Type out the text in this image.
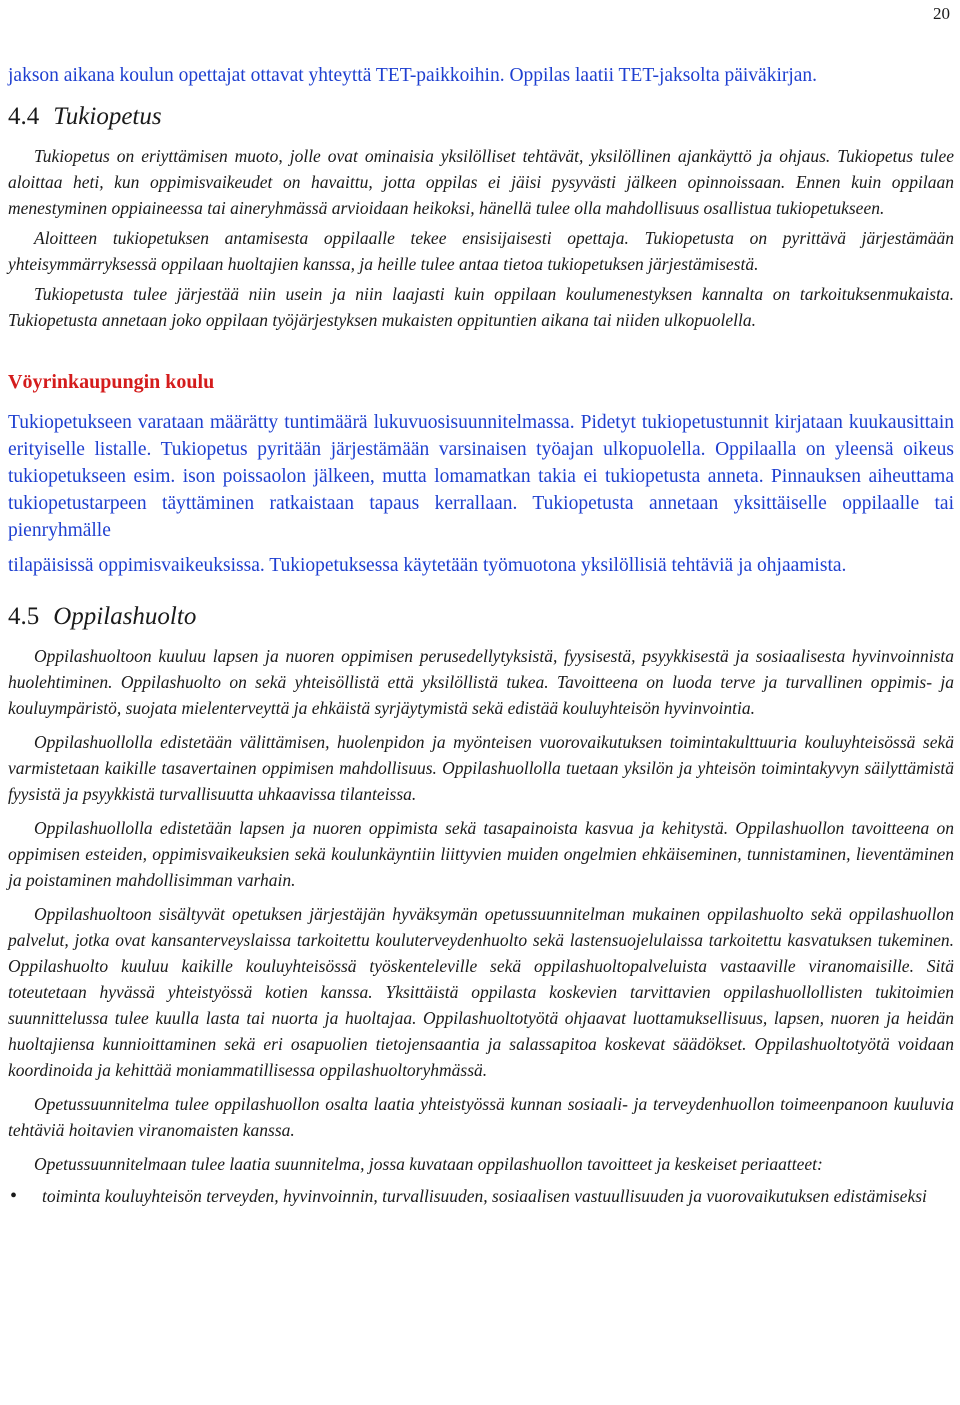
20

jakson aikana koulun opettajat ottavat yhteyttä TET-paikkoihin. Oppilas laatii TET-jaksolta päiväkirjan.

4.4 Tukiopetus

Tukiopetus on eriyttämisen muoto, jolle ovat ominaisia yksilölliset tehtävät, yksilöllinen ajankäyttö ja ohjaus. Tukiopetus tulee aloittaa heti, kun oppimisvaikeudet on havaittu, jotta oppilas ei jäisi pysyvästi jälkeen opinnoissaan. Ennen kuin oppilaan menestyminen oppiaineessa tai aineryhmässä arvioidaan heikoksi, hänellä tulee olla mahdollisuus osallistua tukiopetukseen.

Aloitteen tukiopetuksen antamisesta oppilaalle tekee ensisijaisesti opettaja. Tukiopetusta on pyrittävä järjestämään yhteisymmärryksessä oppilaan huoltajien kanssa, ja heille tulee antaa tietoa tukiopetuksen järjestämisestä.

Tukiopetusta tulee järjestää niin usein ja niin laajasti kuin oppilaan koulumenestyksen kannalta on tarkoituksenmukaista. Tukiopetusta annetaan joko oppilaan työjärjestyksen mukaisten oppituntien aikana tai niiden ulkopuolella.

Vöyrinkaupungin koulu

Tukiopetukseen varataan määrätty tuntimäärä lukuvuosisuunnitelmassa. Pidetyt tukiopetustunnit kirjataan kuukausittain erityiselle listalle. Tukiopetus pyritään järjestämään varsinaisen työajan ulkopuolella. Oppilaalla on yleensä oikeus tukiopetukseen esim. ison poissaolon jälkeen, mutta lomamatkan takia ei tukiopetusta anneta. Pinnauksen aiheuttama tukiopetustarpeen täyttäminen ratkaistaan tapaus kerrallaan. Tukiopetusta annetaan yksittäiselle oppilaalle tai pienryhmälle

tilapäisissä oppimisvaikeuksissa. Tukiopetuksessa käytetään työmuotona yksilöllisiä tehtäviä ja ohjaamista.

4.5 Oppilashuolto

Oppilashuoltoon kuuluu lapsen ja nuoren oppimisen perusedellytyksistä, fyysisestä, psyykkisestä ja sosiaalisesta hyvinvoinnista huolehtiminen. Oppilashuolto on sekä yhteisöllistä että yksilöllistä tukea. Tavoitteena on luoda terve ja turvallinen oppimis- ja kouluympäristö, suojata mielenterveyttä ja ehkäistä syrjäytymistä sekä edistää kouluyhteisön hyvinvointia.

Oppilashuollolla edistetään välittämisen, huolenpidon ja myönteisen vuorovaikutuksen toimintakulttuuria kouluyhteisössä sekä varmistetaan kaikille tasavertainen oppimisen mahdollisuus. Oppilashuollolla tuetaan yksilön ja yhteisön toimintakyvyn säilyttämistä fyysistä ja psyykkistä turvallisuutta uhkaavissa tilanteissa.

Oppilashuollolla edistetään lapsen ja nuoren oppimista sekä tasapainoista kasvua ja kehitystä. Oppilashuollon tavoitteena on oppimisen esteiden, oppimisvaikeuksien sekä koulunkäyntiin liittyvien muiden ongelmien ehkäiseminen, tunnistaminen, lieventäminen ja poistaminen mahdollisimman varhain.

Oppilashuoltoon sisältyvät opetuksen järjestäjän hyväksymän opetussuunnitelman mukainen oppilashuolto sekä oppilashuollon palvelut, jotka ovat kansanterveyslaissa tarkoitettu kouluterveydenhuolto sekä lastensuojelulaissa tarkoitettu kasvatuksen tukeminen. Oppilashuolto kuuluu kaikille kouluyhteisössä työskenteleville sekä oppilashuoltopalveluista vastaaville viranomaisille. Sitä toteutetaan hyvässä yhteistyössä kotien kanssa. Yksittäistä oppilasta koskevien tarvittavien oppilashuollollisten tukitoimien suunnittelussa tulee kuulla lasta tai nuorta ja huoltajaa. Oppilashuoltotyötä ohjaavat luottamuksellisuus, lapsen, nuoren ja heidän huoltajiensa kunnioittaminen sekä eri osapuolien tietojensaantia ja salassapitoa koskevat säädökset. Oppilashuoltotyötä voidaan koordinoida ja kehittää moniammatillisessa oppilashuoltoryhmässä.

Opetussuunnitelma tulee oppilashuollon osalta laatia yhteistyössä kunnan sosiaali- ja terveydenhuollon toimeenpanoon kuuluvia tehtäviä hoitavien viranomaisten kanssa.

Opetussuunnitelmaan tulee laatia suunnitelma, jossa kuvataan oppilashuollon tavoitteet ja keskeiset periaatteet:

• toiminta kouluyhteisön terveyden, hyvinvoinnin, turvallisuuden, sosiaalisen vastuullisuuden ja vuorovaikutuksen edistämiseksi
